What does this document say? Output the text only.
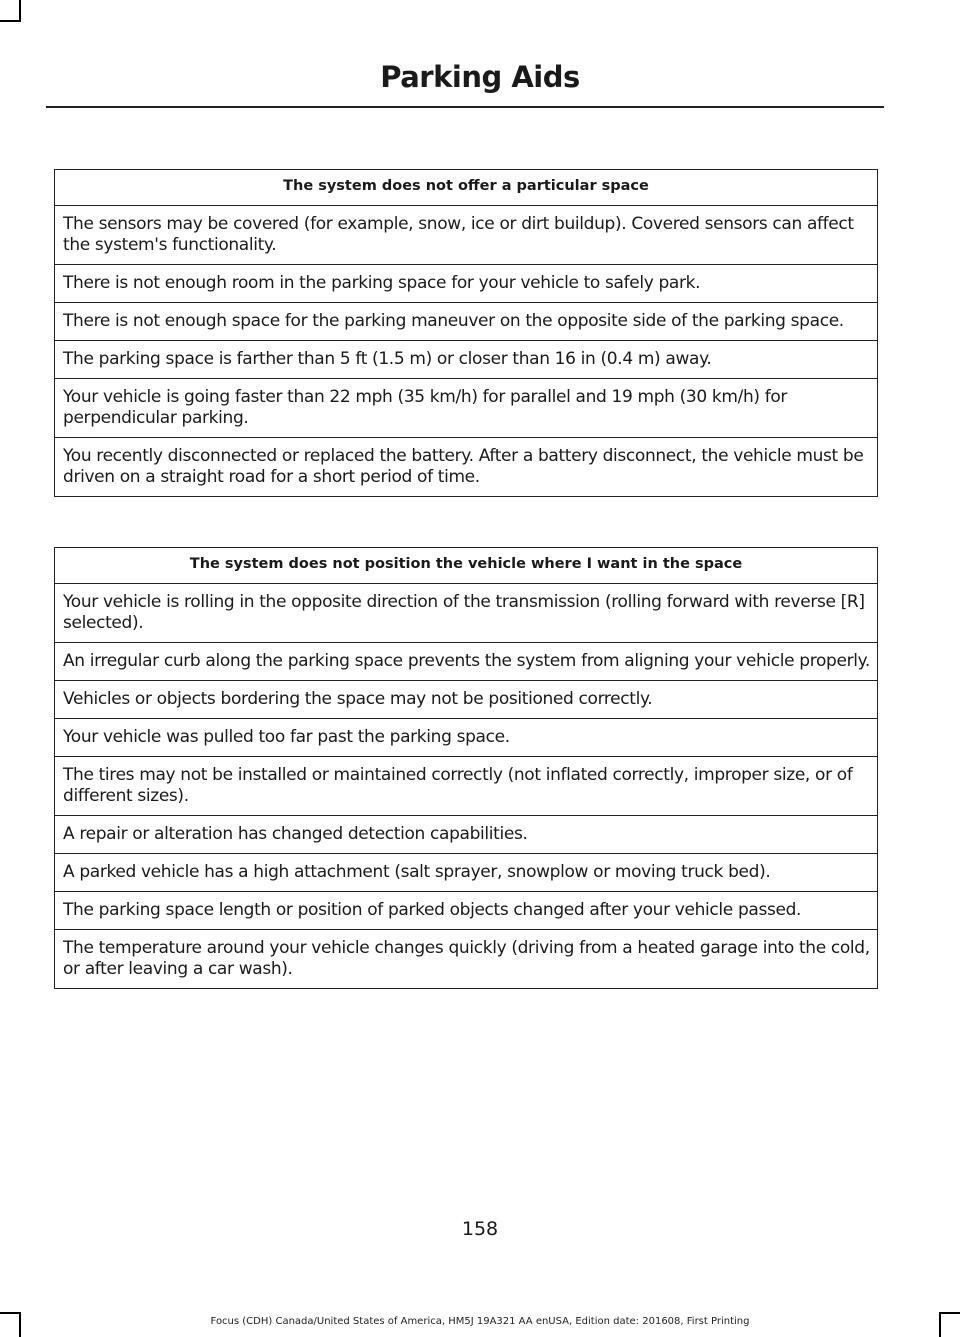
Parking Aids
The system does not offer a particular space
The sensors may be covered (for example, snow, ice or dirt buildup). Covered sensors can affect the system's functionality.
There is not enough room in the parking space for your vehicle to safely park.
There is not enough space for the parking maneuver on the opposite side of the parking space.
The parking space is farther than 5 ft (1.5 m) or closer than 16 in (0.4 m) away.
Your vehicle is going faster than 22 mph (35 km/h) for parallel and 19 mph (30 km/h) for perpendicular parking.
You recently disconnected or replaced the battery. After a battery disconnect, the vehicle must be driven on a straight road for a short period of time.
The system does not position the vehicle where I want in the space
Your vehicle is rolling in the opposite direction of the transmission (rolling forward with reverse [R] selected).
An irregular curb along the parking space prevents the system from aligning your vehicle properly.
Vehicles or objects bordering the space may not be positioned correctly.
Your vehicle was pulled too far past the parking space.
The tires may not be installed or maintained correctly (not inflated correctly, improper size, or of different sizes).
A repair or alteration has changed detection capabilities.
A parked vehicle has a high attachment (salt sprayer, snowplow or moving truck bed).
The parking space length or position of parked objects changed after your vehicle passed.
The temperature around your vehicle changes quickly (driving from a heated garage into the cold, or after leaving a car wash).
158
Focus (CDH) Canada/United States of America, HM5J 19A321 AA enUSA, Edition date: 201608, First Printing
